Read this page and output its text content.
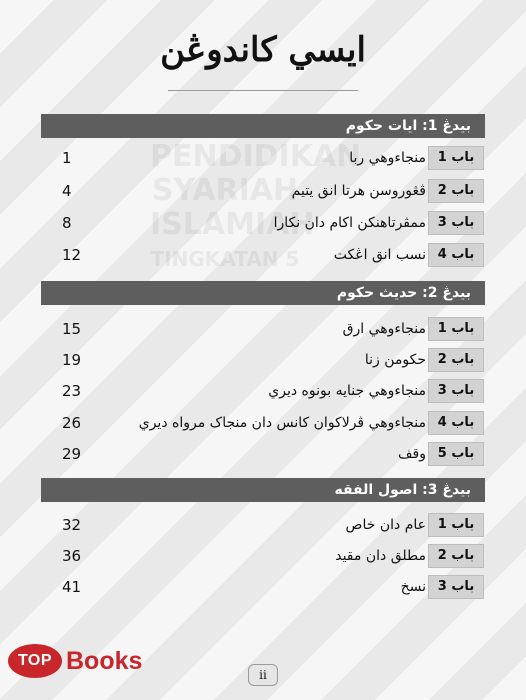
PENDIDIKAN
SYARIAH
ISLAMIAH
TINGKATAN 5
ايسي کاندوڠن
بيدڠ 1: ايات حکوم
1	منجاءوهي ربا باب 1
4	ڤڠوروسن هرتا انق يتيم باب 2
8	ممڤرتاهنکن اکام دان نکارا باب 3
12	نسب انق اڠکت باب 4
بيدڠ 2: حديث حکوم
15	منجاءوهي ارق باب 1
19	حکومن زنا باب 2
23	منجاءوهي جنايه بونوه ديري باب 3
26	منجاءوهي ڤرلاکوان کانس دان منجاک مرواه ديري باب 4
29	وقف باب 5
بيدڠ 3: اصول الفقه
32	عام دان خاص باب 1
36	مطلق دان مقيد باب 2
41	نسخ باب 3
ii
TOP Books
